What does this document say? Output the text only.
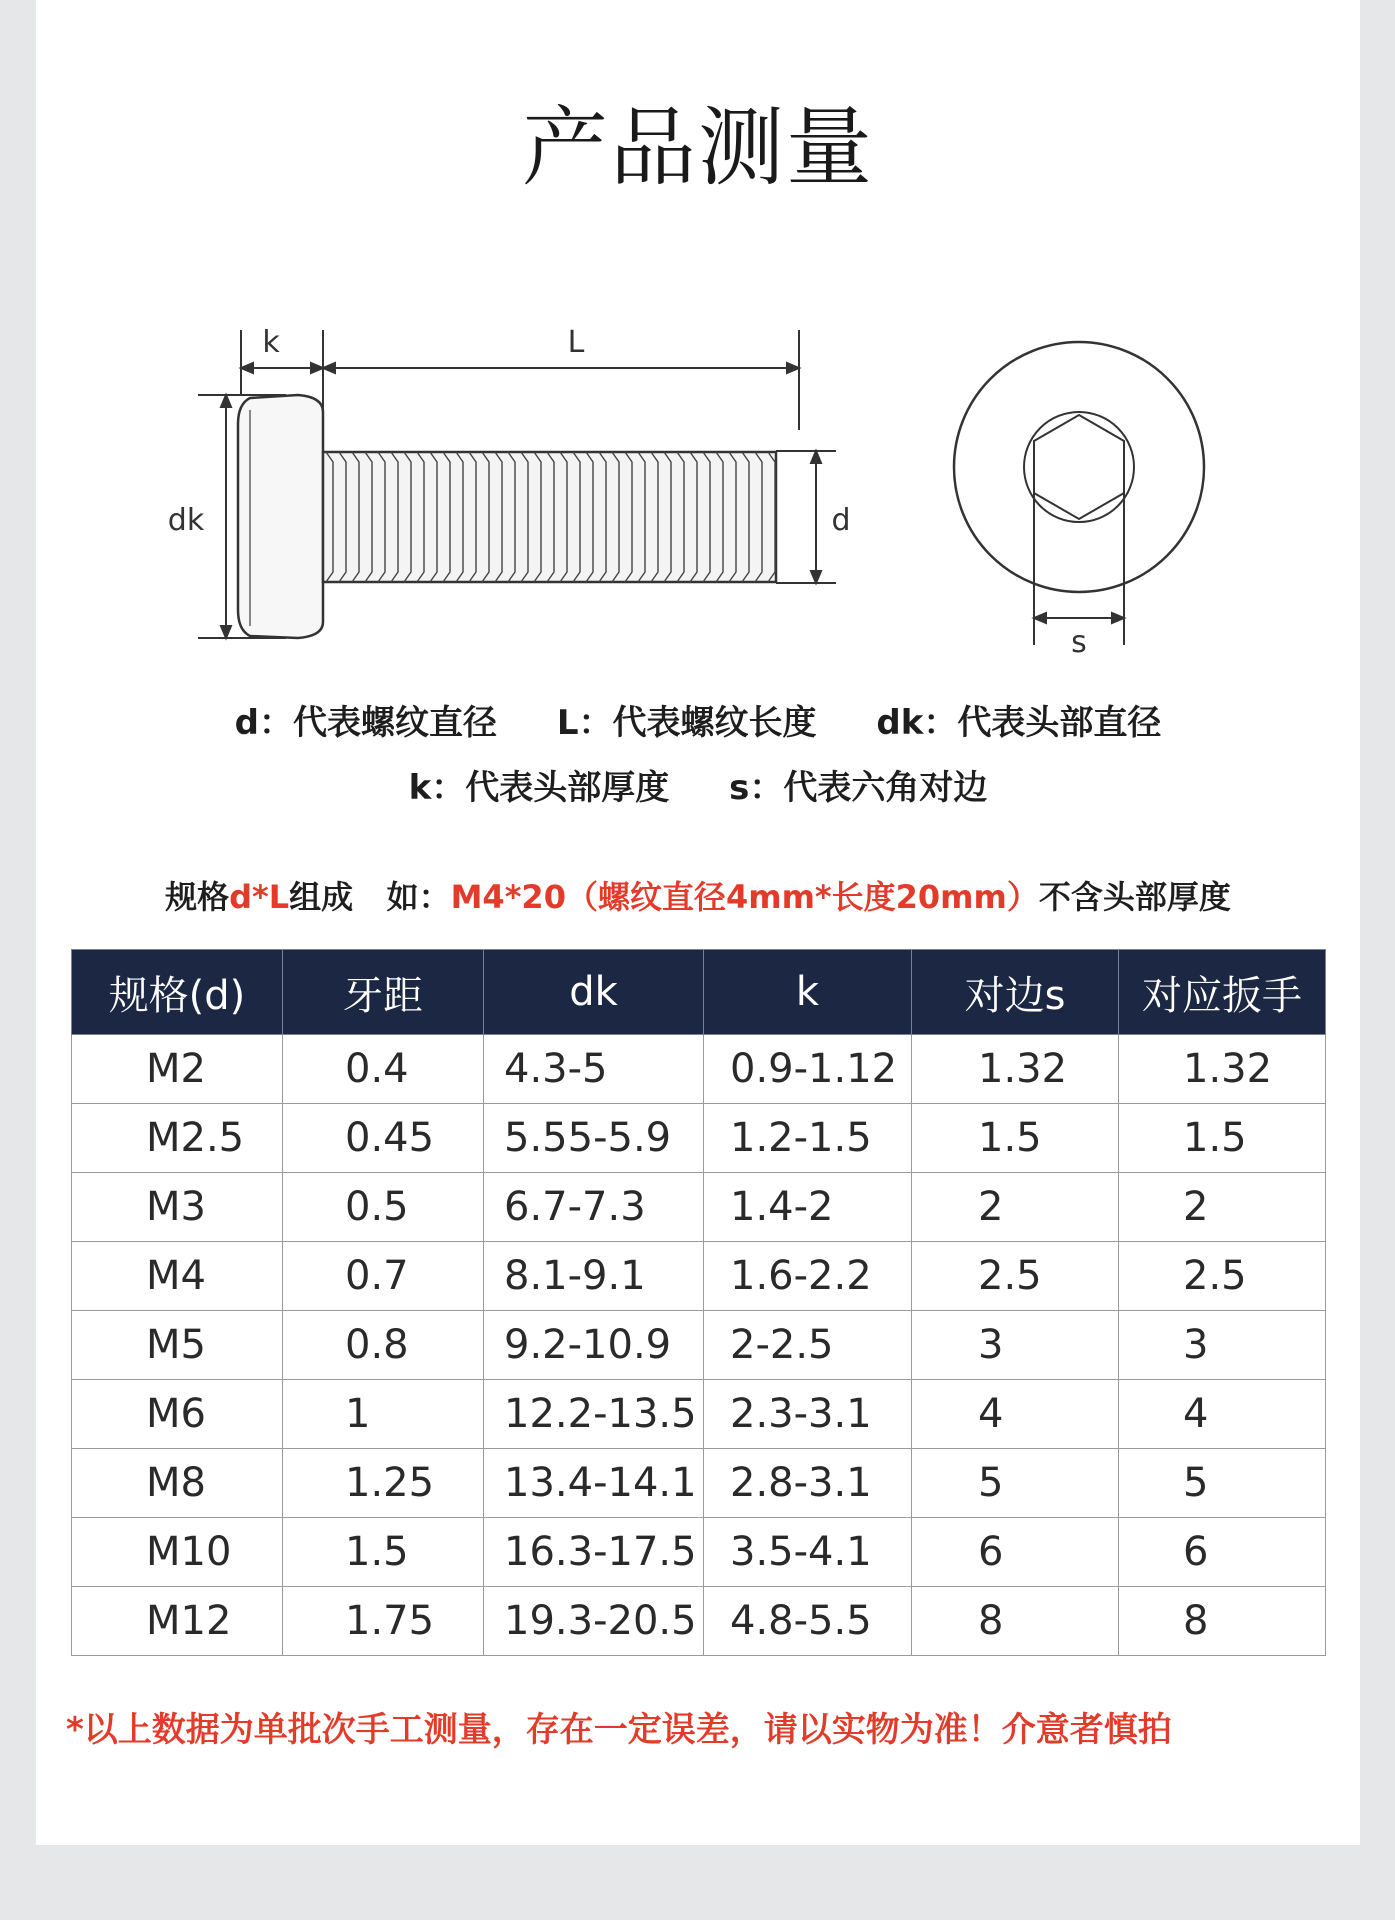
产品测量
k	L
dk	d
s
d：代表螺纹直径 L：代表螺纹长度 dk：代表头部直径
k：代表头部厚度 s：代表六角对边
规格d*L组成   如：M4*20（螺纹直径4mm*长度20mm）不含头部厚度
规格(d)	牙距	dk	k	对边s	对应扳手
M2	0.4	4.3-5	0.9-1.12	1.32	1.32
M2.5	0.45	5.55-5.9	1.2-1.5	1.5	1.5
M3	0.5	6.7-7.3	1.4-2	2	2
M4	0.7	8.1-9.1	1.6-2.2	2.5	2.5
M5	0.8	9.2-10.9	2-2.5	3	3
M6	1	12.2-13.5	2.3-3.1	4	4
M8	1.25	13.4-14.1	2.8-3.1	5	5
M10	1.5	16.3-17.5	3.5-4.1	6	6
M12	1.75	19.3-20.5	4.8-5.5	8	8
*以上数据为单批次手工测量，存在一定误差，请以实物为准！介意者慎拍
